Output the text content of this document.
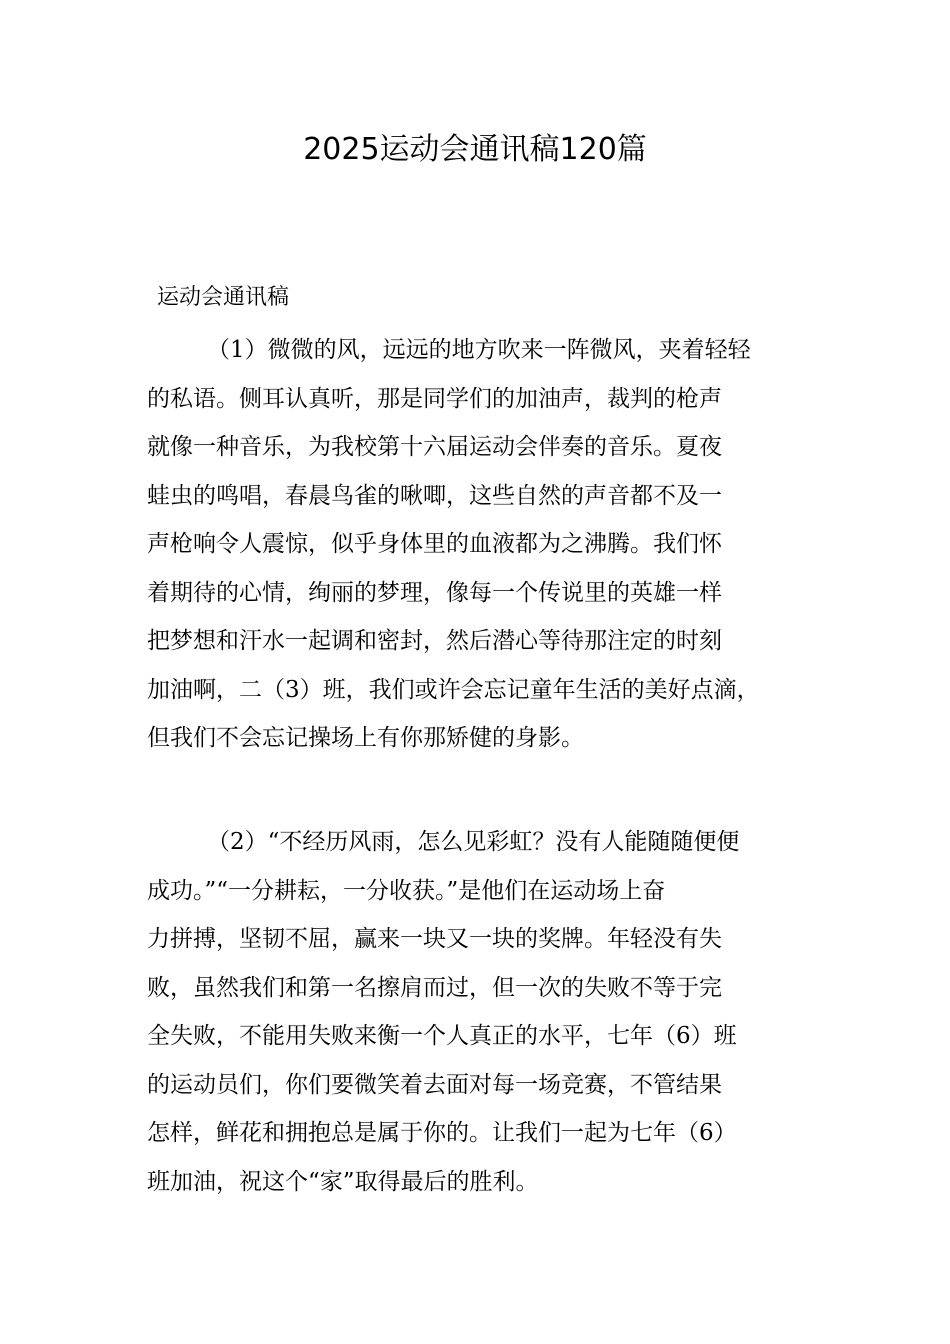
2025运动会通讯稿120篇

运动会通讯稿

（1）微微的风，远远的地方吹来一阵微风，夹着轻轻
的私语。侧耳认真听，那是同学们的加油声，裁判的枪声
就像一种音乐，为我校第十六届运动会伴奏的音乐。夏夜
蛙虫的鸣唱，春晨鸟雀的啾唧，这些自然的声音都不及一
声枪响令人震惊，似乎身体里的血液都为之沸腾。我们怀
着期待的心情，绚丽的梦理，像每一个传说里的英雄一样
把梦想和汗水一起调和密封，然后潜心等待那注定的时刻
加油啊，二（3）班，我们或许会忘记童年生活的美好点滴，
但我们不会忘记操场上有你那矫健的身影。
（2）“不经历风雨，怎么见彩虹？没有人能随随便便
成功。”“一分耕耘，一分收获。”是他们在运动场上奋
力拼搏，坚韧不屈，赢来一块又一块的奖牌。年轻没有失
败，虽然我们和第一名擦肩而过，但一次的失败不等于完
全失败，不能用失败来衡一个人真正的水平，七年（6）班
的运动员们，你们要微笑着去面对每一场竞赛，不管结果
怎样，鲜花和拥抱总是属于你的。让我们一起为七年（6）
班加油，祝这个“家”取得最后的胜利。
